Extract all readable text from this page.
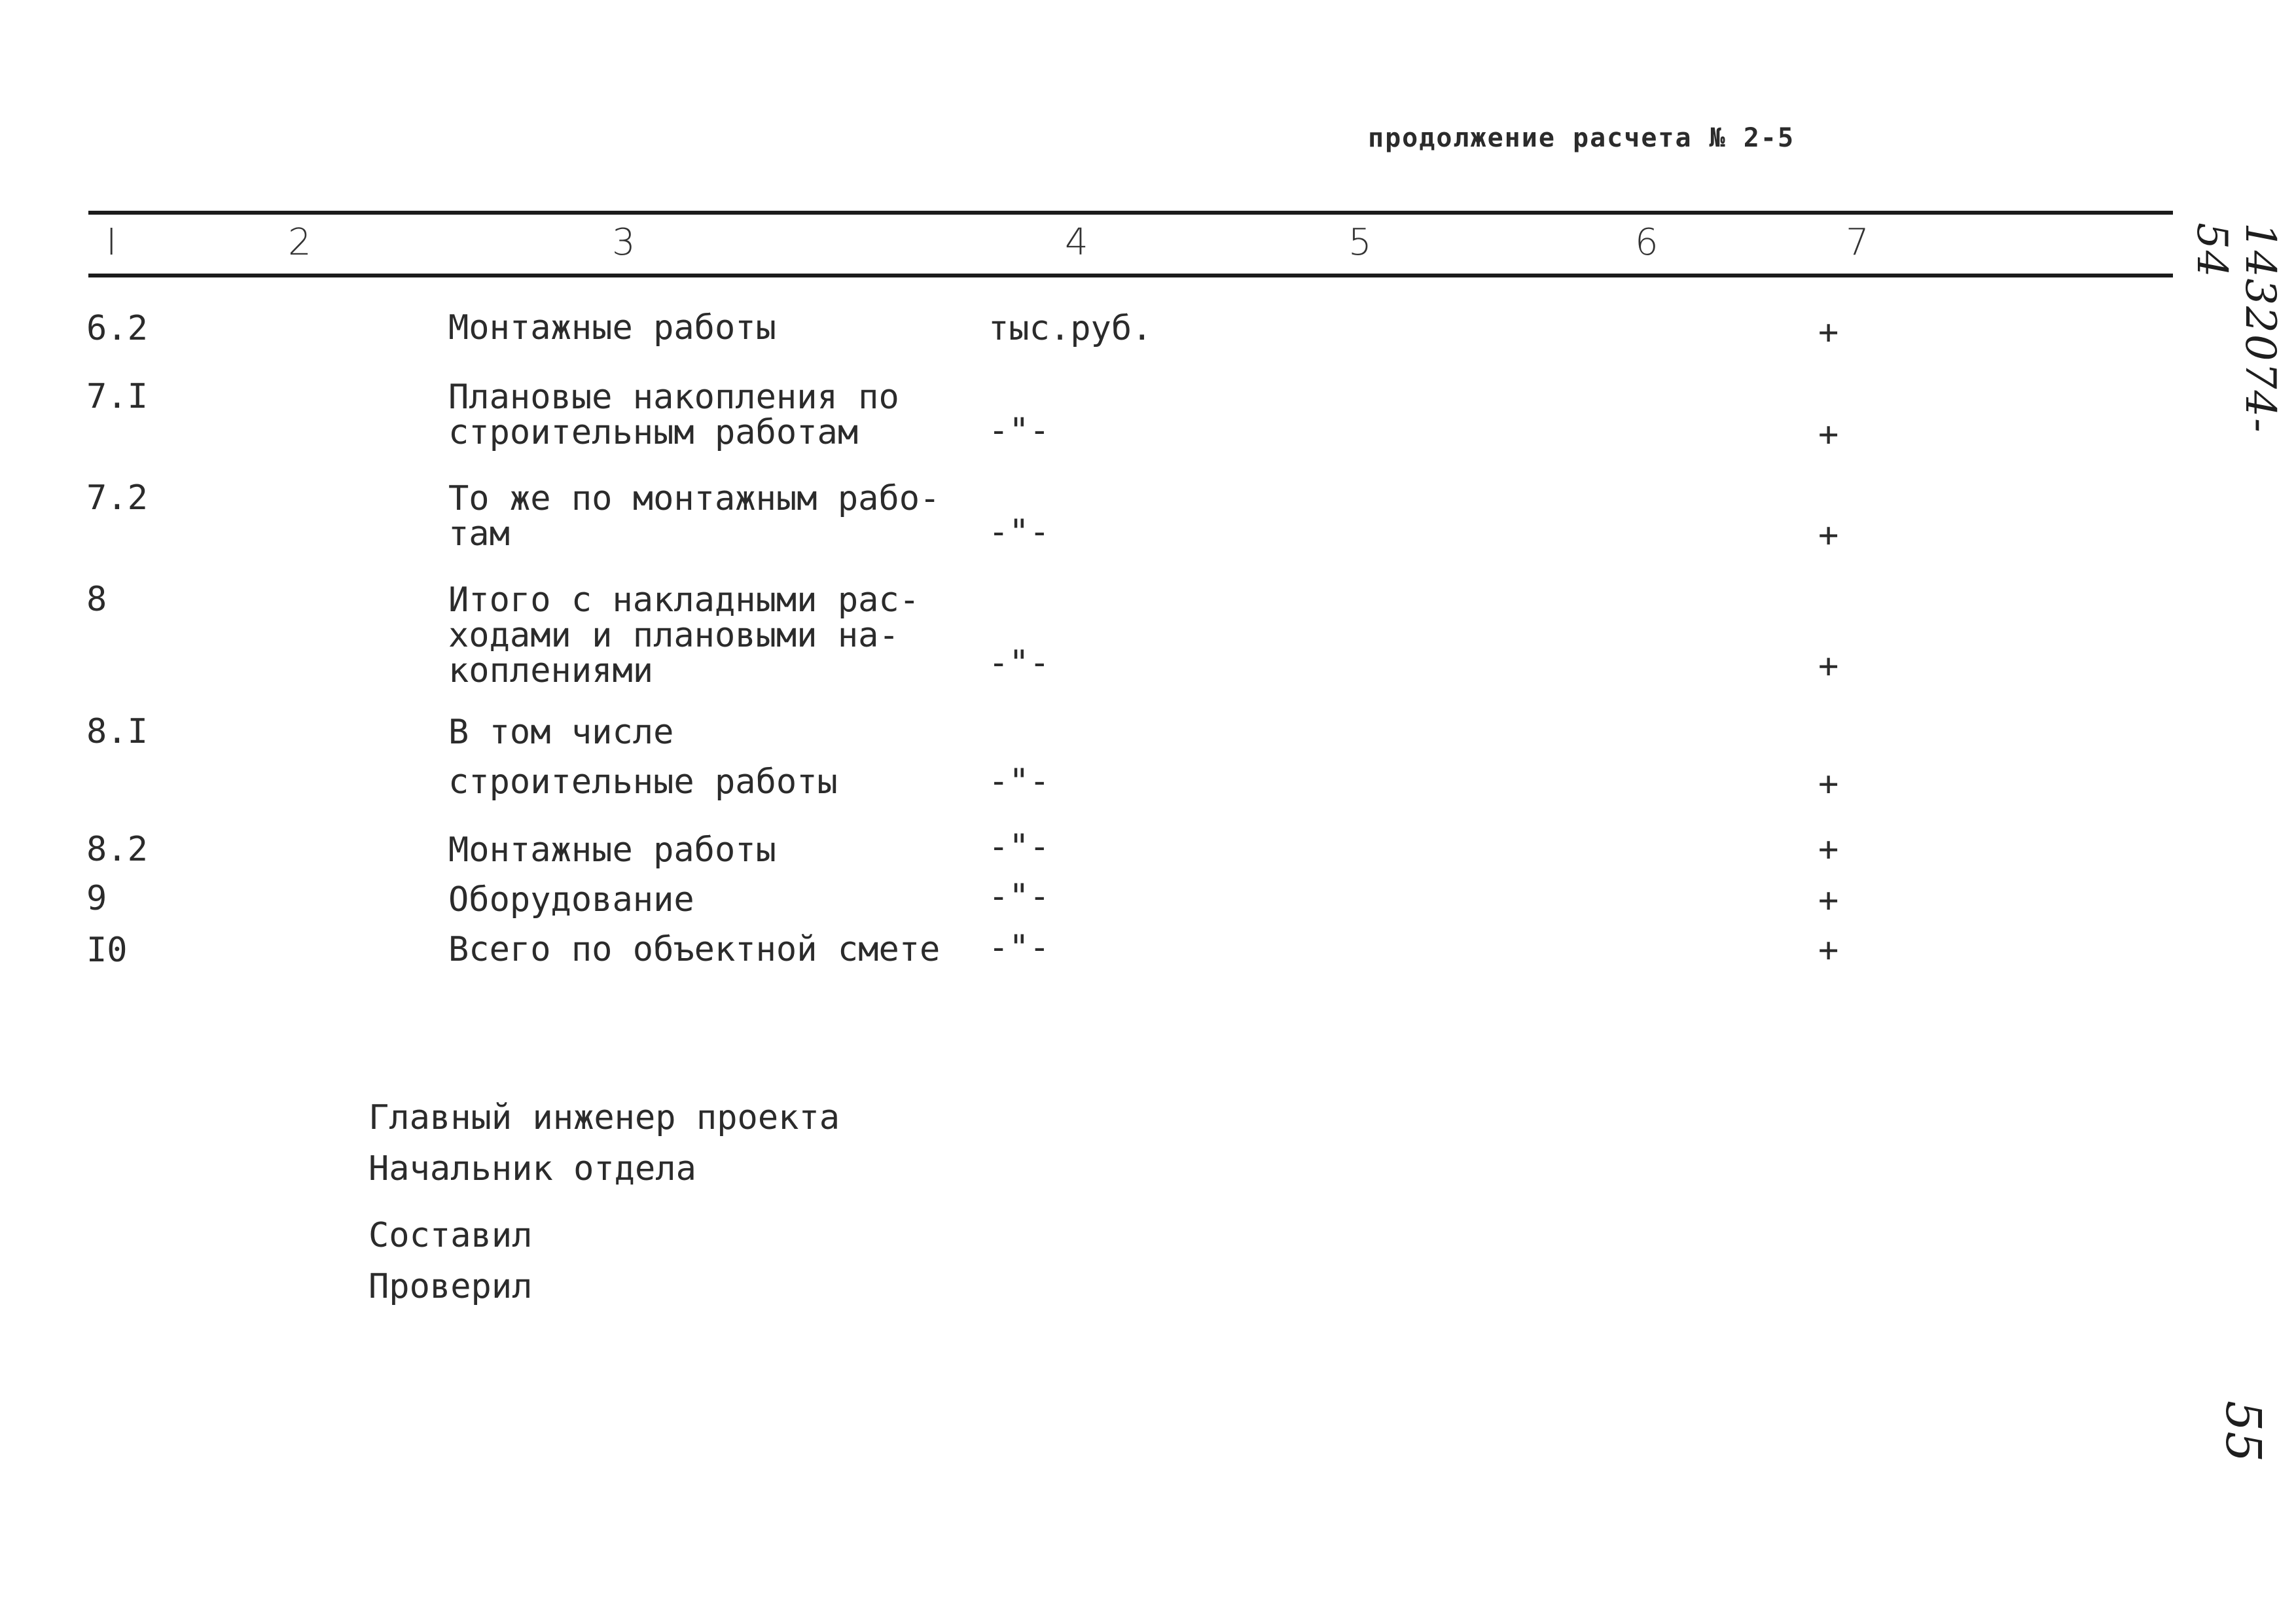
продолжение расчета № 2-5
I	2	3	4	5	6	7
6.2	Монтажные работы	тыс.руб.	+
7.I	Плановые накопления по
строительным работам	-"-	+
7.2	То же по монтажным рабо-
там	-"-	+
8	Итого с накладными рас-
ходами и плановыми на-
коплениями	-"-	+
8.I	В том числе
строительные работы	-"-	+
8.2	Монтажные работы	-"-	+
9	Оборудование	-"-	+
I0	Всего по объектной смете -"-	+
Главный инженер проекта
Начальник отдела
Составил
Проверил
1432074-54
55
